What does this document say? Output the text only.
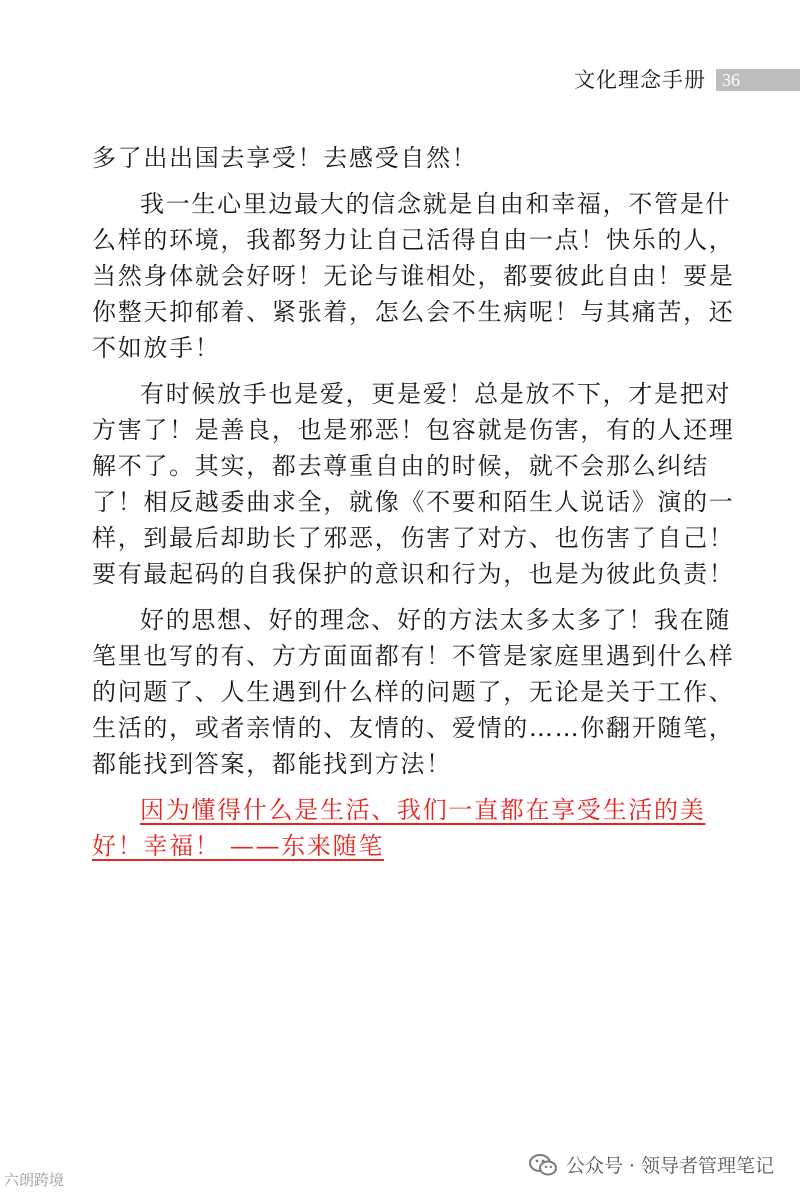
文化理念手册 36
多了出出国去享受！去感受自然！
我一生心里边最大的信念就是自由和幸福，不管是什
么样的环境，我都努力让自己活得自由一点！快乐的人，
当然身体就会好呀！无论与谁相处，都要彼此自由！要是
你整天抑郁着、紧张着，怎么会不生病呢！与其痛苦，还
不如放手！
有时候放手也是爱，更是爱！总是放不下，才是把对
方害了！是善良，也是邪恶！包容就是伤害，有的人还理
解不了。其实，都去尊重自由的时候，就不会那么纠结
了！相反越委曲求全，就像《不要和陌生人说话》演的一
样，到最后却助长了邪恶，伤害了对方、也伤害了自己！
要有最起码的自我保护的意识和行为，也是为彼此负责！
好的思想、好的理念、好的方法太多太多了！我在随
笔里也写的有、方方面面都有！不管是家庭里遇到什么样
的问题了、人生遇到什么样的问题了，无论是关于工作、
生活的，或者亲情的、友情的、爱情的……你翻开随笔，
都能找到答案，都能找到方法！
因为懂得什么是生活、我们一直都在享受生活的美
好！幸福！ ——东来随笔
六朗跨境
公众号 · 领导者管理笔记
